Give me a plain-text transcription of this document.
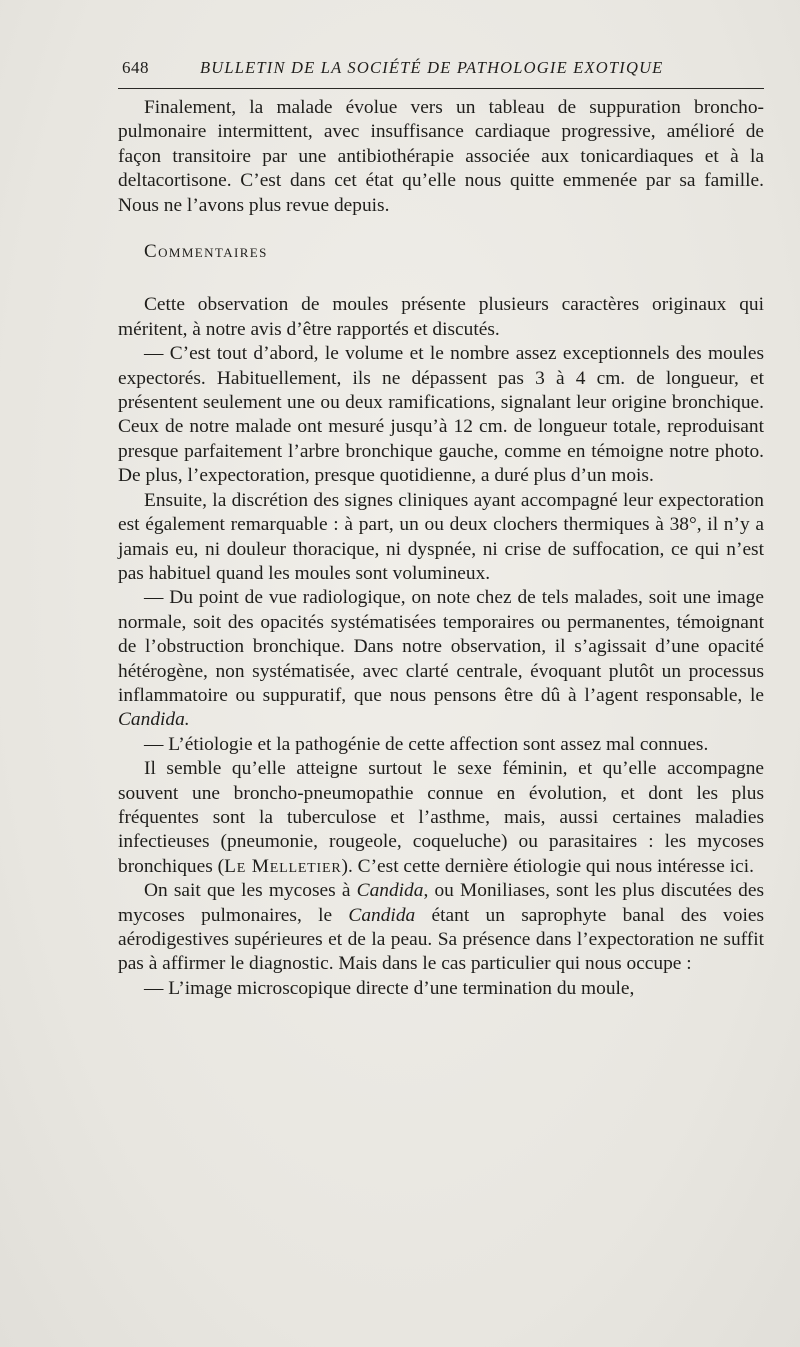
648	BULLETIN DE LA SOCIÉTÉ DE PATHOLOGIE EXOTIQUE

Finalement, la malade évolue vers un tableau de suppuration broncho-pulmonaire intermittent, avec insuffisance cardiaque progressive, amélioré de façon transitoire par une antibiothérapie associée aux tonicardiaques et à la deltacortisone. C’est dans cet état qu’elle nous quitte emmenée par sa famille. Nous ne l’avons plus revue depuis.

Commentaires

Cette observation de moules présente plusieurs caractères originaux qui méritent, à notre avis d’être rapportés et discutés.

— C’est tout d’abord, le volume et le nombre assez exceptionnels des moules expectorés. Habituellement, ils ne dépassent pas 3 à 4 cm. de longueur, et présentent seulement une ou deux ramifications, signalant leur origine bronchique. Ceux de notre malade ont mesuré jusqu’à 12 cm. de longueur totale, reproduisant presque parfaitement l’arbre bronchique gauche, comme en témoigne notre photo. De plus, l’expectoration, presque quotidienne, a duré plus d’un mois.

Ensuite, la discrétion des signes cliniques ayant accompagné leur expectoration est également remarquable : à part, un ou deux clochers thermiques à 38°, il n’y a jamais eu, ni douleur thoracique, ni dyspnée, ni crise de suffocation, ce qui n’est pas habituel quand les moules sont volumineux.

— Du point de vue radiologique, on note chez de tels malades, soit une image normale, soit des opacités systématisées temporaires ou permanentes, témoignant de l’obstruction bronchique. Dans notre observation, il s’agissait d’une opacité hétérogène, non systématisée, avec clarté centrale, évoquant plutôt un processus inflammatoire ou suppuratif, que nous pensons être dû à l’agent responsable, le Candida.

— L’étiologie et la pathogénie de cette affection sont assez mal connues.

Il semble qu’elle atteigne surtout le sexe féminin, et qu’elle accompagne souvent une broncho-pneumopathie connue en évolution, et dont les plus fréquentes sont la tuberculose et l’asthme, mais, aussi certaines maladies infectieuses (pneumonie, rougeole, coqueluche) ou parasitaires : les mycoses bronchiques (Le Melletier). C’est cette dernière étiologie qui nous intéresse ici.

On sait que les mycoses à Candida, ou Moniliases, sont les plus discutées des mycoses pulmonaires, le Candida étant un saprophyte banal des voies aérodigestives supérieures et de la peau. Sa présence dans l’expectoration ne suffit pas à affirmer le diagnostic. Mais dans le cas particulier qui nous occupe :

— L’image microscopique directe d’une termination du moule,
